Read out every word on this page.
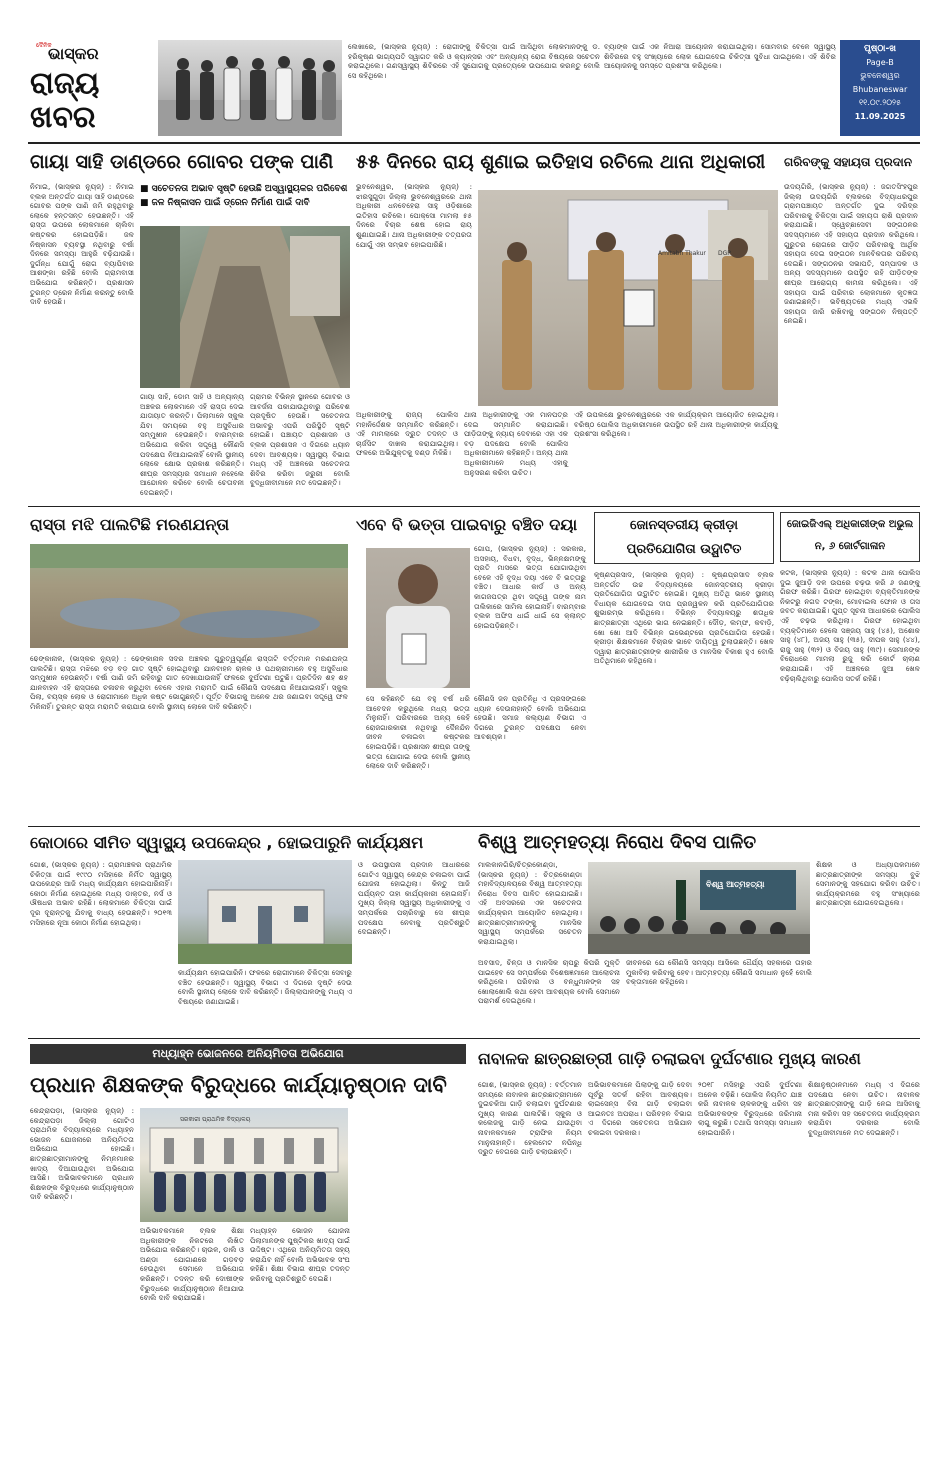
ଦୈନିକ
ଭାସ୍କର
ରାଜ୍ୟ
ଖବର
ଲେଖାରେ, (ଭାସ୍କର ନ୍ୟୁଜ୍) : ରୋଗୀଙ୍କୁ ଚିକିତ୍ସା ପାଇଁ ଆସିଥିବା ଲୋକମାନଙ୍କୁ ଡ. ହରିକୃଷ୍ଣ ଭାଗ୍ୟପତି ସ୍ୱାଗତ କରି ଓ କ୍ୟାନ୍ସର ଏବଂ ଅନ୍ୟାନ୍ୟ ରୋଗ ବିଷୟରେ ସଚେତନ କରାଇଥିଲେ। ଗଣସ୍ୱାସ୍ଥ୍ୟ ଶିବିରରେ ଏହି ସୁଯୋଗକୁ ପ୍ରତ୍ୟେକେ ଉପଯୋଗ କରନ୍ତୁ ବୋଲି ସେ କହିଥିଲେ।
ବ୍ୟାଙ୍କ ପାଇଁ ଏକ ନିଆରା ଆୟୋଜନ କରାଯାଇଥିଲା। ସୋମବାର ବେଳେ ସ୍ୱାସ୍ଥ୍ୟ ଶିବିରରେ ବହୁ ସଂଖ୍ୟାରେ ଲୋକ ଯୋଗଦେଇ ଚିକିତ୍ସା ସୁବିଧା ପାଇଥିଲେ। ଏହି ଶିବିର ଆୟୋଜନକୁ ସମସ୍ତେ ପ୍ରଶଂସା କରିଥିଲେ।
ପୃଷ୍ଠା-ଖ
Page-B
ଭୁବନେଶ୍ୱର
Bhubaneswar
୧୧.୦୯.୨୦୨୫
11.09.2025
ଗାୟା ସାହି ଡାଣ୍ଡରେ ଗୋବର ପଙ୍କ ପାଣି
■ ସଚେତନତା ଅଭାବ ସୃଷ୍ଟି ହେଉଛି ଅସ୍ୱାସ୍ଥ୍ୟକର ପରିବେଶ
■ ଜଳ ନିଷ୍କାସନ ପାଇଁ ଡ୍ରେନ ନିର୍ମାଣ ପାଇଁ ଦାବି
ନିମାଇ, (ଭାସ୍କର ନ୍ୟୁଜ୍) : ନିମାଇ ବ୍ଲକ ଅନ୍ତର୍ଗତ ଗାୟା ସାହି ଡାଣ୍ଡରେ ଗୋବର ପଙ୍କ ପାଣି ଜମି ରହୁଥିବାରୁ ଲୋକେ ହନ୍ତସନ୍ତ ହେଉଛନ୍ତି। ଏହି ରାସ୍ତା ଉପରେ ଲୋକମାନେ ଚାଲିବା କଷ୍ଟକର ହୋଇପଡ଼ିଛି। ଜଳ ନିଷ୍କାସନ ବ୍ୟବସ୍ଥା ନଥିବାରୁ ବର୍ଷା ଦିନରେ ସମସ୍ୟା ଆହୁରି ବଢ଼ିଯାଉଛି। ଦୁର୍ଗନ୍ଧ ଯୋଗୁଁ ରୋଗ ବ୍ୟାପିବାର ଆଶଙ୍କା ରହିଛି ବୋଲି ଗ୍ରାମବାସୀ ଅଭିଯୋଗ କରିଛନ୍ତି। ପ୍ରଶାସନ ତୁରନ୍ତ ଡ୍ରେନ ନିର୍ମାଣ କରନ୍ତୁ ବୋଲି ଦାବି ହେଉଛି।
ଗାୟା ସାହି, ଡୋମ ସାହି ଓ ଅନ୍ୟାନ୍ୟ ଅଞ୍ଚଳର ଲୋକମାନେ ଏହି ରାସ୍ତା ଦେଇ ଯାତାୟାତ କରନ୍ତି। ପିଲାମାନେ ସ୍କୁଲ ଯିବା ସମୟରେ ବହୁ ଅସୁବିଧାର ସମ୍ମୁଖୀନ ହେଉଛନ୍ତି। ବାରମ୍ବାର ଅଭିଯୋଗ କରିବା ସତ୍ତ୍ୱେ କୌଣସି ପଦକ୍ଷେପ ନିଆଯାଇନାହିଁ ବୋଲି ସ୍ଥାନୀୟ ଲୋକେ କ୍ଷୋଭ ପ୍ରକାଶ କରିଛନ୍ତି। ଶୀଘ୍ର ସମସ୍ୟାର ସମାଧାନ ନହେଲେ ଆନ୍ଦୋଳନ କରିବେ ବୋଲି ଚେତାବନୀ ଦେଇଛନ୍ତି।
ଗ୍ରାମର ବିଭିନ୍ନ ସ୍ଥାନରେ ଗୋବର ଓ ଆବର୍ଜନା ପକାଯାଉଥିବାରୁ ପରିବେଶ ପ୍ରଦୂଷିତ ହେଉଛି। ସଚେତନତା ଅଭାବରୁ ଏପରି ପରିସ୍ଥିତି ସୃଷ୍ଟି ହୋଇଛି। ପଞ୍ଚାୟତ ପ୍ରଶାସନ ଓ ବ୍ଲକ ପ୍ରଶାସନ ଏ ଦିଗରେ ଧ୍ୟାନ ଦେବା ଆବଶ୍ୟକ। ସ୍ୱାସ୍ଥ୍ୟ ବିଭାଗ ମଧ୍ୟ ଏହି ଅଞ୍ଚଳରେ ସଚେତନତା ଶିବିର କରିବା ଜରୁରୀ ବୋଲି ବୁଦ୍ଧିଜୀବୀମାନେ ମତ ଦେଇଛନ୍ତି।
୫୫ ଦିନରେ ରାୟ ଶୁଣାଇ ଇତିହାସ ରଚିଲେ ଥାନା ଅଧିକାରୀ
ଭୁବନେଶ୍ୱର, (ଭାସ୍କର ନ୍ୟୁଜ୍) : ଝାରସୁଗୁଡ଼ା ଜିଲ୍ଲା ଭୁବନେଶ୍ୱରରେ ଥାନା ଅଧିକାରୀ ଧନବେହେରା ସାହୁ ଓଡ଼ିଶାରେ ଇତିହାସ ରଚିଲେ। ପୋକ୍ସୋ ମାମଲା ୫୫ ଦିନରେ ବିଚାର ଶେଷ ହୋଇ ରାୟ ଶୁଣାଯାଇଛି। ଥାନା ଅଧିକାରୀଙ୍କ ତତ୍ପରତା ଯୋଗୁଁ ଏହା ସମ୍ଭବ ହୋଇପାରିଛି।
Amitabh Thakur DGP
ଅଧିକାରୀଙ୍କୁ ରାଜ୍ୟ ପୋଲିସ ମହାନିର୍ଦ୍ଦେଶକ ସମ୍ମାନିତ କରିଛନ୍ତି। ଏହି ମାମଲାରେ ଦ୍ରୁତ ତଦନ୍ତ ଓ ଚାର୍ଜସିଟ ଦାଖଲ କରାଯାଇଥିଲା। ଫଳରେ ଅଭିଯୁକ୍ତକୁ ଦଣ୍ଡ ମିଳିଛି।
ଥାନା ଅଧିକାରୀଙ୍କୁ ଏକ ମାନପତ୍ର ଦେଇ ସମ୍ମାନିତ କରାଯାଇଛି। ପୀଡ଼ିତାଙ୍କୁ ନ୍ୟାୟ ଦେବାରେ ଏହା ଏକ ବଡ଼ ପଦକ୍ଷେପ ବୋଲି ପୋଲିସ ଅଧିକାରୀମାନେ କହିଛନ୍ତି। ଅନ୍ୟ ଥାନା ଅଧିକାରୀମାନେ ମଧ୍ୟ ଏହାକୁ ଅନୁସରଣ କରିବା ଉଚିତ।
ଏହି ଉପଲକ୍ଷେ ଭୁବନେଶ୍ୱରରେ ଏକ କାର୍ଯ୍ୟକ୍ରମ ଆୟୋଜିତ ହୋଇଥିଲା। ବରିଷ୍ଠ ପୋଲିସ ଅଧିକାରୀମାନେ ଉପସ୍ଥିତ ରହି ଥାନା ଅଧିକାରୀଙ୍କ କାର୍ଯ୍ୟକୁ ପ୍ରଶଂସା କରିଥିଲେ।
ଗରିବଙ୍କୁ ସହାୟତା ପ୍ରଦାନ
ଉଦୟଗିରି, (ଭାସ୍କର ନ୍ୟୁଜ୍) : ଜଗତସିଂହପୁର ଜିଲ୍ଲା ଉଦୟଗିରି ବ୍ଲକରେ ବିଦ୍ୟାଧରପୁର ଗ୍ରାମପଞ୍ଚାୟତ ଅନ୍ତର୍ଗତ ଦୁଇ ଦରିଦ୍ର ପରିବାରକୁ ଚିକିତ୍ସା ପାଇଁ ସହାୟତା ରାଶି ପ୍ରଦାନ କରାଯାଇଛି। ସ୍ୱେଚ୍ଛାସେବୀ ସଙ୍ଗଠନର ସଦସ୍ୟମାନେ ଏହି ସହାୟତା ପ୍ରଦାନ କରିଥିଲେ। ଗୁରୁତର ରୋଗରେ ପୀଡ଼ିତ ପରିବାରକୁ ଆର୍ଥିକ ସହାୟତା ଦେଇ ସଙ୍ଗଠନ ମାନବିକତାର ପରିଚୟ ଦେଇଛି। ସଙ୍ଗଠନର ସଭାପତି, ସମ୍ପାଦକ ଓ ଅନ୍ୟ ସଦସ୍ୟମାନେ ଉପସ୍ଥିତ ରହି ପୀଡ଼ିତଙ୍କ ଶୀଘ୍ର ଆରୋଗ୍ୟ କାମନା କରିଥିଲେ। ଏହି ସହାୟତା ପାଇଁ ପରିବାର ଲୋକମାନେ କୃତଜ୍ଞତା ଜଣାଇଛନ୍ତି। ଭବିଷ୍ୟତରେ ମଧ୍ୟ ଏଭଳି ସହାୟତା ଜାରି ରଖିବାକୁ ସଙ୍ଗଠନ ନିଷ୍ପତ୍ତି ନେଇଛି।
ରାସ୍ତା ମଝି ପାଲଟିଛି ମରଣଯନ୍ତା
ଢେଙ୍କାନାଳ, (ଭାସ୍କର ନ୍ୟୁଜ୍) : ଢେଙ୍କାନାଳ ସଦର ଅଞ୍ଚଳର ଗୁରୁତ୍ୱପୂର୍ଣ୍ଣ ରାସ୍ତାଟି ବର୍ତ୍ତମାନ ମରଣଯନ୍ତା ପାଲଟିଛି। ରାସ୍ତା ମଝିରେ ବଡ଼ ବଡ଼ ଗାତ ସୃଷ୍ଟି ହୋଇଥିବାରୁ ଯାନବାହନ ଚାଳକ ଓ ପଥଚାରୀମାନେ ବହୁ ଅସୁବିଧାର ସମ୍ମୁଖୀନ ହେଉଛନ୍ତି। ବର୍ଷା ପାଣି ଜମି ରହିବାରୁ ଗାତ ଦେଖାଯାଉନାହିଁ ଫଳରେ ଦୁର୍ଘଟଣା ଘଟୁଛି। ପ୍ରତିଦିନ ଶହ ଶହ ଯାନବାହନ ଏହି ରାସ୍ତାରେ ଚଳାଚଳ କରୁଥିବା ବେଳେ ଏହାର ମରାମତି ପାଇଁ କୌଣସି ପଦକ୍ଷେପ ନିଆଯାଇନାହିଁ। ସ୍କୁଲ ପିଲା, ବୟସ୍କ ଲୋକ ଓ ରୋଗୀମାନେ ଅଧିକ କଷ୍ଟ ଭୋଗୁଛନ୍ତି। ପୂର୍ତ୍ତ ବିଭାଗକୁ ଅନେକ ଥର ଜଣାଇବା ସତ୍ତ୍ୱେ ଫଳ ମିଳିନାହିଁ। ତୁରନ୍ତ ରାସ୍ତା ମରାମତି କରାଯାଉ ବୋଲି ସ୍ଥାନୀୟ ଲୋକେ ଦାବି କରିଛନ୍ତି।
ଏବେ ବି ଭତ୍ତା ପାଇବାରୁ ବଞ୍ଚିତ ଦୟା
ଗୋପ, (ଭାସ୍କର ନ୍ୟୁଜ୍) : ସରକାର, ଅସହାୟ, ବିଧବା, ବୃଦ୍ଧ, ଭିନ୍ନକ୍ଷମଙ୍କୁ ପ୍ରତି ମାସରେ ଭତ୍ତା ଯୋଗାଉଥିବା ବେଳେ ଏହି ବୃଦ୍ଧ ଦୟା ଏବେ ବି ଭତ୍ତାରୁ ବଞ୍ଚିତ। ଆଧାର କାର୍ଡ ଓ ଅନ୍ୟ କାଗଜପତ୍ର ଥିବା ସତ୍ତ୍ୱେ ତାଙ୍କ ନାମ ତାଲିକାରେ ସାମିଲ ହୋଇନାହିଁ। ବାରମ୍ବାର ବ୍ଲକ ଅଫିସ ଧାଇଁ ଧାଇଁ ସେ କ୍ଲାନ୍ତ ହୋଇପଡ଼ିଛନ୍ତି।
ସେ କହିଛନ୍ତି ଯେ ବହୁ ବର୍ଷ ଧରି ଆବେଦନ କରୁଥିଲେ ମଧ୍ୟ ଭତ୍ତା ମିଳୁନାହିଁ। ପରିବାରରେ ଅନ୍ୟ କେହି ରୋଜଗାରକାରୀ ନଥିବାରୁ ଦୈନନ୍ଦିନ ଜୀବନ ଚଳାଇବା କଷ୍ଟକର ହୋଇପଡ଼ିଛି। ପ୍ରଶାସନ ଶୀଘ୍ର ତାଙ୍କୁ ଭତ୍ତା ଯୋଗାଇ ଦେଉ ବୋଲି ସ୍ଥାନୀୟ ଲୋକେ ଦାବି କରିଛନ୍ତି।
କୌଣସି ଜନ ପ୍ରତିନିଧି ଏ ପ୍ରସଙ୍ଗରେ ଧ୍ୟାନ ଦେଉନାହାନ୍ତି ବୋଲି ଅଭିଯୋଗ ହେଉଛି। ସମାଜ କଲ୍ୟାଣ ବିଭାଗ ଏ ଦିଗରେ ତୁରନ୍ତ ପଦକ୍ଷେପ ନେବା ଆବଶ୍ୟକ।
ଜୋନସ୍ତରୀୟ କ୍ରୀଡ଼ା ପ୍ରତିଯୋଗିତା ଉଦ୍ଘାଟିତ
କୃଷ୍ଣପ୍ରସାଦ, (ଭାସ୍କର ନ୍ୟୁଜ୍) : କୃଷ୍ଣପ୍ରସାଦ ବ୍ଲକ ଅନ୍ତର୍ଗତ ଉଚ୍ଚ ବିଦ୍ୟାଳୟରେ ଜୋନସ୍ତରୀୟ କ୍ରୀଡ଼ା ପ୍ରତିଯୋଗିତା ଉଦ୍ଘାଟିତ ହୋଇଛି। ମୁଖ୍ୟ ଅତିଥି ଭାବେ ସ୍ଥାନୀୟ ବିଧାୟକ ଯୋଗଦେଇ ଦୀପ ପ୍ରଜ୍ୱଳନ କରି ପ୍ରତିଯୋଗିତାର ଶୁଭାରମ୍ଭ କରିଥିଲେ। ବିଭିନ୍ନ ବିଦ୍ୟାଳୟରୁ ଶତାଧିକ ଛାତ୍ରଛାତ୍ରୀ ଏଥିରେ ଭାଗ ନେଇଛନ୍ତି। ଦୌଡ଼, ଲମ୍ଫ, କବାଡ଼ି, ଖୋ ଖୋ ଆଦି ବିଭିନ୍ନ ଇଭେଣ୍ଟରେ ପ୍ରତିଯୋଗିତା ହେଉଛି। କ୍ରୀଡ଼ା ଶିକ୍ଷକମାନେ ବିଚାରକ ଭାବେ ଦାୟିତ୍ୱ ତୁଲାଉଛନ୍ତି। ଖେଳ ଦ୍ୱାରା ଛାତ୍ରଛାତ୍ରୀଙ୍କ ଶାରୀରିକ ଓ ମାନସିକ ବିକାଶ ହୁଏ ବୋଲି ଅତିଥିମାନେ କହିଥିଲେ।
ଜୋଇଜିଏଲ୍ ଅଧିକାରୀଙ୍କ ଅଭୁଲ ନ, ୬ ଜୋର୍ଟଗାଳାନ
କଟକ, (ଭାସ୍କର ନ୍ୟୁଜ୍) : କଟକ ଥାନା ପୋଲିସ ଦୁଇ ଜୁଆଡ଼ି ଦଳ ଉପରେ ଚଢ଼ଉ କରି ୬ ଜଣଙ୍କୁ ଗିରଫ କରିଛି। ଗିରଫ ହୋଇଥିବା ବ୍ୟକ୍ତିମାନଙ୍କ ନିକଟରୁ ନଗଦ ଟଙ୍କା, ମୋବାଇଲ ଫୋନ ଓ ତାସ ଜବତ କରାଯାଇଛି। ଗୁପ୍ତ ସୂଚନା ଆଧାରରେ ପୋଲିସ ଏହି ଚଢ଼ଉ କରିଥିଲା। ଗିରଫ ହୋଇଥିବା ବ୍ୟକ୍ତିମାନେ ହେଲେ ସଞ୍ଜୟ ସାହୁ (୪୫), ଅଶୋକ ସାହୁ (୪୮), ଅଜୟ ସାହୁ (୩୫), ଦୀପକ ସାହୁ (୪୪), ରାଜୁ ସାହୁ (୩୨) ଓ ବିଜୟ ସାହୁ (୩୯)। ସେମାନଙ୍କ ବିରୋଧରେ ମାମଲା ରୁଜୁ କରି କୋର୍ଟ ଚାଲାଣ କରାଯାଇଛି। ଏହି ଅଞ୍ଚଳରେ ଜୁଆ ଖେଳ ବଢ଼ିଚାଲିଥିବାରୁ ପୋଲିସ ସତର୍କ ରହିଛି।
କୋଠାରେ ସୀମିତ ସ୍ୱାସ୍ଥ୍ୟ ଉପକେନ୍ଦ୍ର , ହୋଇପାରୁନି କାର୍ଯ୍ୟକ୍ଷମ
ଗୋଶ, (ଭାସ୍କର ନ୍ୟୁଜ୍) : ଗ୍ରାମାଞ୍ଚଳର ପ୍ରାଥମିକ ଚିକିତ୍ସା ପାଇଁ ୧୯୯୦ ମସିହାରେ ନିର୍ମିତ ସ୍ୱାସ୍ଥ୍ୟ ଉପକେନ୍ଦ୍ର ଆଜି ମଧ୍ୟ କାର୍ଯ୍ୟକ୍ଷମ ହୋଇପାରିନାହିଁ। କୋଠା ନିର୍ମାଣ ହୋଇଥିଲେ ମଧ୍ୟ ଡାକ୍ତର, ନର୍ସ ଓ ଔଷଧର ଅଭାବ ରହିଛି। ଲୋକମାନେ ଚିକିତ୍ସା ପାଇଁ ଦୂର ଦୂରାନ୍ତକୁ ଯିବାକୁ ବାଧ୍ୟ ହେଉଛନ୍ତି। ୨୦୧୩ ମସିହାରେ ନୂଆ କୋଠା ନିର୍ମାଣ ହୋଇଥିଲା।
କାର୍ଯ୍ୟକ୍ଷମ ହୋଇପାରିନି। ଫଳରେ ରୋଗୀମାନେ ଚିକିତ୍ସା ସେବାରୁ ବଞ୍ଚିତ ହେଉଛନ୍ତି। ସ୍ୱାସ୍ଥ୍ୟ ବିଭାଗ ଏ ଦିଗରେ ଦୃଷ୍ଟି ଦେଉ ବୋଲି ସ୍ଥାନୀୟ ଲୋକେ ଦାବି କରିଛନ୍ତି। ଜିଲ୍ଲାପାଳଙ୍କୁ ମଧ୍ୟ ଏ ବିଷୟରେ ଜଣାଯାଇଛି।
ଓ ଉପସ୍ଥାପନା ପ୍ରଦାନ ଆଧାରରେ ଗୋଟିଏ ସ୍ୱାସ୍ଥ୍ୟ କେନ୍ଦ୍ର ଚଳାଇବା ପାଇଁ ଯୋଜନା ହୋଇଥିଲା। କିନ୍ତୁ ଆଜି ପର୍ଯ୍ୟନ୍ତ ତାହା କାର୍ଯ୍ୟକାରୀ ହୋଇନାହିଁ। ମୁଖ୍ୟ ଜିଲ୍ଲା ସ୍ୱାସ୍ଥ୍ୟ ଅଧିକାରୀଙ୍କୁ ଏ ସମ୍ପର୍କରେ ପଚାରିବାରୁ ସେ ଶୀଘ୍ର ପଦକ୍ଷେପ ନେବାକୁ ପ୍ରତିଶ୍ରୁତି ଦେଇଛନ୍ତି।
ବିଶ୍ୱ ଆତ୍ମହତ୍ୟା ନିରୋଧ ଦିବସ ପାଳିତ
ମାଲକାନଗିରି/ଚିତ୍ରକୋଣ୍ଡା, (ଭାସ୍କର ନ୍ୟୁଜ୍) : ଚିତ୍ରକୋଣ୍ଡା ମହାବିଦ୍ୟାଳୟରେ ବିଶ୍ୱ ଆତ୍ମହତ୍ୟା ନିରୋଧ ଦିବସ ପାଳିତ ହୋଇଯାଇଛି। ଏହି ଅବସରରେ ଏକ ସଚେତନତା କାର୍ଯ୍ୟକ୍ରମ ଆୟୋଜିତ ହୋଇଥିଲା। ଛାତ୍ରଛାତ୍ରୀମାନଙ୍କୁ ମାନସିକ ସ୍ୱାସ୍ଥ୍ୟ ସମ୍ପର୍କରେ ସଚେତନ କରାଯାଇଥିଲା।
ବିଶ୍ୱ ଆତ୍ମହତ୍ୟା
ଶିକ୍ଷକ ଓ ଅଧ୍ୟାପକମାନେ ଛାତ୍ରଛାତ୍ରୀଙ୍କ ସମସ୍ୟା ବୁଝି ସେମାନଙ୍କୁ ସହଯୋଗ କରିବା ଉଚିତ। କାର୍ଯ୍ୟକ୍ରମରେ ବହୁ ସଂଖ୍ୟାରେ ଛାତ୍ରଛାତ୍ରୀ ଯୋଗଦେଇଥିଲେ।
ଅବସାଦ, ଚିନ୍ତା ଓ ମାନସିକ ଚାପରୁ କିପରି ମୁକ୍ତି ପାଇହେବ ସେ ସମ୍ପର୍କରେ ବିଶେଷଜ୍ଞମାନେ ଆଲୋଚନା କରିଥିଲେ। ପରିବାର ଓ ବନ୍ଧୁମାନଙ୍କ ସହ ଖୋଲାଖୋଲି କଥା ହେବା ଆବଶ୍ୟକ ବୋଲି ସେମାନେ ପରାମର୍ଶ ଦେଇଥିଲେ।
ଜୀବନରେ ଯେ କୌଣସି ସମସ୍ୟା ଆସିଲେ ଧୈର୍ଯ୍ୟ ସହକାରେ ତାହାର ମୁକାବିଲା କରିବାକୁ ହେବ। ଆତ୍ମହତ୍ୟା କୌଣସି ସମାଧାନ ନୁହେଁ ବୋଲି ବକ୍ତାମାନେ କହିଥିଲେ।
ମଧ୍ୟାହ୍ନ ଭୋଜନରେ ଅନିୟମିତତା ଅଭିଯୋଗ
ପ୍ରଧାନ ଶିକ୍ଷକଙ୍କ ବିରୁଦ୍ଧରେ କାର୍ଯ୍ୟାନୁଷ୍ଠାନ ଦାବି
କେନ୍ଦ୍ରାପଡ଼ା, (ଭାସ୍କର ନ୍ୟୁଜ୍) : କେନ୍ଦ୍ରାପଡ଼ା ଜିଲ୍ଲା ଗୋଟିଏ ପ୍ରାଥମିକ ବିଦ୍ୟାଳୟରେ ମଧ୍ୟାହ୍ନ ଭୋଜନ ଯୋଜନାରେ ଅନିୟମିତତା ଅଭିଯୋଗ ହୋଇଛି। ଛାତ୍ରଛାତ୍ରୀମାନଙ୍କୁ ନିମ୍ନମାନର ଖାଦ୍ୟ ଦିଆଯାଉଥିବା ଅଭିଯୋଗ ଆସିଛି। ଅଭିଭାବକମାନେ ପ୍ରଧାନ ଶିକ୍ଷକଙ୍କ ବିରୁଦ୍ଧରେ କାର୍ଯ୍ୟାନୁଷ୍ଠାନ ଦାବି କରିଛନ୍ତି।
ସରକାରୀ ପ୍ରାଥମିକ ବିଦ୍ୟାଳୟ
ଅଭିଭାବକମାନେ ବ୍ଲକ ଶିକ୍ଷା ଅଧିକାରୀଙ୍କ ନିକଟରେ ଲିଖିତ ଅଭିଯୋଗ କରିଛନ୍ତି। ଚାଉଳ, ଡାଲି ଓ ଅଣ୍ଡା ଯୋଗାଣରେ ଗଡ଼ବଡ଼ ହେଉଥିବା ସେମାନେ ଅଭିଯୋଗ କରିଛନ୍ତି। ତଦନ୍ତ କରି ଦୋଷୀଙ୍କ ବିରୁଦ୍ଧରେ କାର୍ଯ୍ୟାନୁଷ୍ଠାନ ନିଆଯାଉ ବୋଲି ଦାବି କରାଯାଇଛି।
ମଧ୍ୟାହ୍ନ ଭୋଜନ ଯୋଜନା ପିଲାମାନଙ୍କ ପୁଷ୍ଟିକର ଖାଦ୍ୟ ପାଇଁ ଉଦ୍ଦିଷ୍ଟ। ଏଥିରେ ଅନିୟମିତତା ସହ୍ୟ କରାଯିବ ନାହିଁ ବୋଲି ଅଭିଭାବକ ସଂଘ କହିଛି। ଶିକ୍ଷା ବିଭାଗ ଶୀଘ୍ର ତଦନ୍ତ କରିବାକୁ ପ୍ରତିଶ୍ରୁତି ଦେଇଛି।
ନାବାଳକ ଛାତ୍ରଛାତ୍ରୀ ଗାଡ଼ି ଚଲାଇବା ଦୁର୍ଘଟଣାର ମୁଖ୍ୟ କାରଣ
ଗୋଶ, (ଭାସ୍କର ନ୍ୟୁଜ୍) : ବର୍ତ୍ତମାନ ସମୟରେ ନାବାଳକ ଛାତ୍ରଛାତ୍ରୀମାନେ ଦୁଇଚକିଆ ଗାଡ଼ି ଚଲାଇବା ଦୁର୍ଘଟଣାର ମୁଖ୍ୟ କାରଣ ପାଲଟିଛି। ସ୍କୁଲ ଓ କଲେଜକୁ ଗାଡ଼ି ନେଇ ଯାଉଥିବା ନାବାଳକମାନେ ଟ୍ରାଫିକ ନିୟମ ମାନୁନାହାନ୍ତି। ହେଲମେଟ ନପିନ୍ଧି ଦ୍ରୁତ ବେଗରେ ଗାଡ଼ି ଚଲାଉଛନ୍ତି।
ଅଭିଭାବକମାନେ ପିଲାଙ୍କୁ ଗାଡ଼ି ଦେବା ପୂର୍ବରୁ ସତର୍କ ରହିବା ଆବଶ୍ୟକ। ଲାଇସେନ୍ସ ବିନା ଗାଡ଼ି ଚଲାଇବା ଆଇନତଃ ଅପରାଧ। ପରିବହନ ବିଭାଗ ଏ ଦିଗରେ ସଚେତନତା ଅଭିଯାନ ଚଳାଇବା ଦରକାର।
୨୦୧୮ ମସିହାରୁ ଏପରି ଦୁର୍ଘଟଣା ଅନେକ ବଢ଼ିଛି। ପୋଲିସ ନିୟମିତ ଯାଞ୍ଚ କରି ନାବାଳକ ଚାଳକଙ୍କୁ ଧରିବା ସହ ଅଭିଭାବକଙ୍କ ବିରୁଦ୍ଧରେ ଜରିମାନା ଲାଗୁ କରୁଛି। ତଥାପି ସମସ୍ୟା ସମାଧାନ ହୋଇପାରିନି।
ଶିକ୍ଷାନୁଷ୍ଠାନମାନେ ମଧ୍ୟ ଏ ଦିଗରେ ପଦକ୍ଷେପ ନେବା ଉଚିତ। ନାବାଳକ ଛାତ୍ରଛାତ୍ରୀଙ୍କୁ ଗାଡ଼ି ନେଇ ଆସିବାକୁ ମନା କରିବା ସହ ସଚେତନତା କାର୍ଯ୍ୟକ୍ରମ କରାଯିବା ଦରକାର ବୋଲି ବୁଦ୍ଧିଜୀବୀମାନେ ମତ ଦେଇଛନ୍ତି।
